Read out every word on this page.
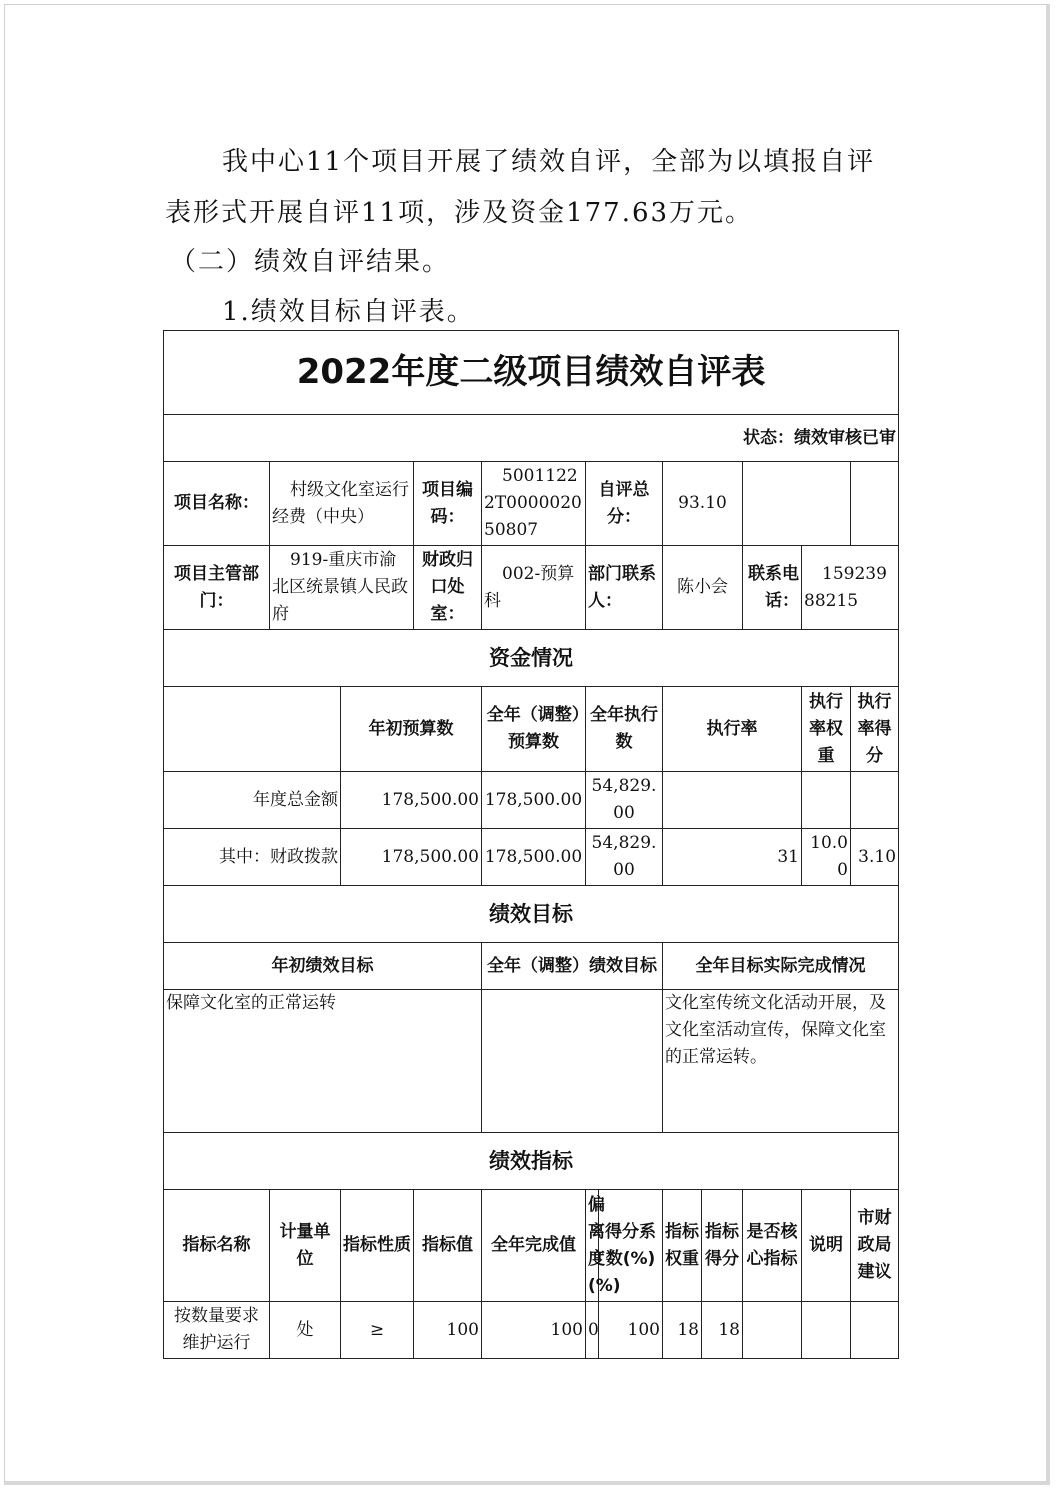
我中心11个项目开展了绩效自评，全部为以填报自评
表形式开展自评11项，涉及资金177.63万元。
（二）绩效自评结果。
1.绩效目标自评表。
2022年度二级项目绩效自评表											
状态：绩效审核已审											
项目名称：	村级文化室运行经费（中央）		项目编码：	50011222T000002050807	自评总分：		93.10				
项目主管部门：	919-重庆市渝北区统景镇人民政府		财政归口处室：	002-预算科	部门联系人：		陈小会		联系电话：	15923988215	
资金情况											
		年初预算数		全年（调整）预算数	全年执行数		执行率			执行率权重	执行率得分
年度总金额		178,500.00		178,500.00	54,829.00						
其中：财政拨款		178,500.00		178,500.00	54,829.00		31			10.00	3.10
绩效目标											
年初绩效目标				全年（调整）绩效目标			全年目标实际完成情况				
保障文化室的正常运转							文化室传统文化活动开展，及文化室活动宣传，保障文化室的正常运转。				
绩效指标											
指标名称	计量单位	指标性质	指标值	全年完成值	偏离度(%)	得分系数(%)	指标权重	指标得分	是否核心指标	说明	市财政局建议
按数量要求维护运行	处	≥	100	100	0	100	18	18			
